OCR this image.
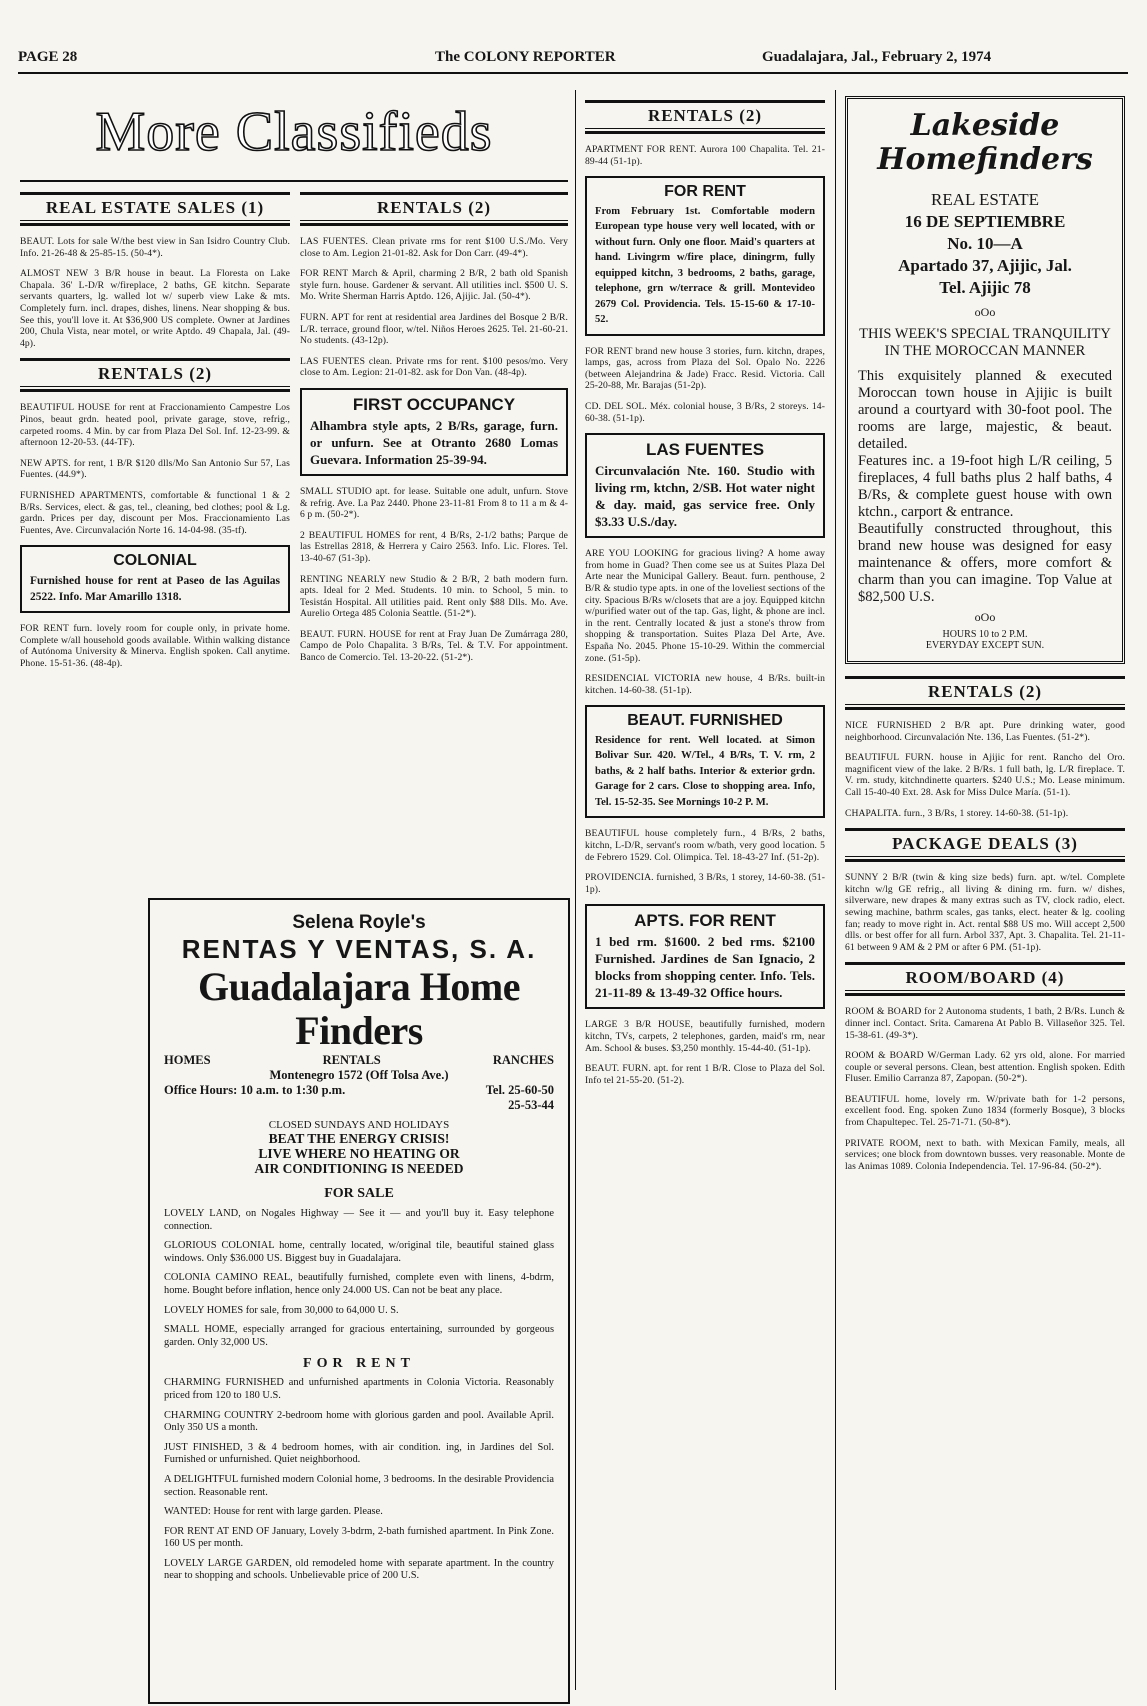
PAGE 28	The COLONY REPORTER	Guadalajara, Jal., February 2, 1974
More Classifieds
REAL ESTATE SALES (1)

BEAUT. Lots for sale W/the best view in San Isidro Country Club. Info. 21-26-48 & 25-85-15. (50-4*).

ALMOST NEW 3 B/R house in beaut. La Floresta on Lake Chapala. 36' L-D/R w/fireplace, 2 baths, GE kitchn. Separate servants quarters, lg. walled lot w/ superb view Lake & mts. Completely furn. incl. drapes, dishes, linens. Near shopping & bus. See this, you'll love it. At $36,900 US complete. Owner at Jardines 200, Chula Vista, near motel, or write Aptdo. 49 Chapala, Jal. (49-4p).

RENTALS (2)

BEAUTIFUL HOUSE for rent at Fraccionamiento Campestre Los Pinos, beaut grdn. heated pool, private garage, stove, refrig., carpeted rooms. 4 Min. by car from Plaza Del Sol. Inf. 12-23-99. & afternoon 12-20-53. (44-TF).

NEW APTS. for rent, 1 B/R $120 dlls/Mo San Antonio Sur 57, Las Fuentes. (44.9*).

FURNISHED APARTMENTS, comfortable & functional 1 & 2 B/Rs. Services, elect. & gas, tel., cleaning, bed clothes; pool & Lg. gardn. Prices per day, discount per Mos. Fraccionamiento Las Fuentes, Ave. Circunvalación Norte 16. 14-04-98. (35-tf).

COLONIAL
Furnished house for rent at Paseo de las Aguilas 2522. Info. Mar Amarillo 1318.

FOR RENT furn. lovely room for couple only, in private home. Complete w/all household goods available. Within walking distance of Autónoma University & Minerva. English spoken. Call anytime. Phone. 15-51-36. (48-4p).

RENTALS (2)

LAS FUENTES. Clean private rms for rent $100 U.S./Mo. Very close to Am. Legion 21-01-82. Ask for Don Carr. (49-4*).

FOR RENT March & April, charming 2 B/R, 2 bath old Spanish style furn. house. Gardener & servant. All utilities incl. $500 U. S. Mo. Write Sherman Harris Aptdo. 126, Ajijic. Jal. (50-4*).

FURN. APT for rent at residential area Jardines del Bosque 2 B/R. L/R. terrace, ground floor, w/tel. Niños Heroes 2625. Tel. 21-60-21. No students. (43-12p).

LAS FUENTES clean. Private rms for rent. $100 pesos/mo. Very close to Am. Legion: 21-01-82. ask for Don Van. (48-4p).

FIRST OCCUPANCY
Alhambra style apts, 2 B/Rs, garage, furn. or unfurn. See at Otranto 2680 Lomas Guevara. Information 25-39-94.

SMALL STUDIO apt. for lease. Suitable one adult, unfurn. Stove & refrig. Ave. La Paz 2440. Phone 23-11-81 From 8 to 11 a m & 4-6 p m. (50-2*).

2 BEAUTIFUL HOMES for rent, 4 B/Rs, 2-1/2 baths; Parque de las Estrellas 2818, & Herrera y Cairo 2563. Info. Lic. Flores. Tel. 13-40-67 (51-3p).

RENTING NEARLY new Studio & 2 B/R, 2 bath modern furn. apts. Ideal for 2 Med. Students. 10 min. to School, 5 min. to Tesistán Hospital. All utilities paid. Rent only $88 Dlls. Mo. Ave. Aurelio Ortega 485 Colonia Seattle. (51-2*).

BEAUT. FURN. HOUSE for rent at Fray Juan De Zumárraga 280, Campo de Polo Chapalita. 3 B/Rs, Tel. & T.V. For appointment. Banco de Comercio. Tel. 13-20-22. (51-2*).

Selena Royle's
RENTAS Y VENTAS, S. A.
Guadalajara Home Finders
HOMES	RENTALS	RANCHES
Montenegro 1572 (Off Tolsa Ave.)
Office Hours: 10 a.m. to 1:30 p.m.	Tel. 25-60-50
25-53-44
CLOSED SUNDAYS AND HOLIDAYS
BEAT THE ENERGY CRISIS!
LIVE WHERE NO HEATING OR
AIR CONDITIONING IS NEEDED
FOR SALE

LOVELY LAND, on Nogales Highway — See it — and you'll buy it. Easy telephone connection.

GLORIOUS COLONIAL home, centrally located, w/original tile, beautiful stained glass windows. Only $36.000 US. Biggest buy in Guadalajara.

COLONIA CAMINO REAL, beautifully furnished, complete even with linens, 4-bdrm, home. Bought before inflation, hence only 24.000 US. Can not be beat any place.

LOVELY HOMES for sale, from 30,000 to 64,000 U. S.

SMALL HOME, especially arranged for gracious entertaining, surrounded by gorgeous garden. Only 32,000 US.

FOR RENT

CHARMING FURNISHED and unfurnished apartments in Colonia Victoria. Reasonably priced from 120 to 180 U.S.

CHARMING COUNTRY 2-bedroom home with glorious garden and pool. Available April. Only 350 US a month.

JUST FINISHED, 3 & 4 bedroom homes, with air condition. ing, in Jardines del Sol. Furnished or unfurnished. Quiet neighborhood.

A DELIGHTFUL furnished modern Colonial home, 3 bedrooms. In the desirable Providencia section. Reasonable rent.

WANTED: House for rent with large garden. Please.

FOR RENT AT END OF January, Lovely 3-bdrm, 2-bath furnished apartment. In Pink Zone. 160 US per month.

LOVELY LARGE GARDEN, old remodeled home with separate apartment. In the country near to shopping and schools. Unbelievable price of 200 U.S.

RENTALS (2)

APARTMENT FOR RENT. Aurora 100 Chapalita. Tel. 21-89-44 (51-1p).

FOR RENT
From February 1st. Comfortable modern European type house very well located, with or without furn. Only one floor. Maid's quarters at hand. Livingrm w/fire place, diningrm, fully equipped kitchn, 3 bedrooms, 2 baths, garage, telephone, grn w/terrace & grill. Montevideo 2679 Col. Providencia. Tels. 15-15-60 & 17-10-52.

FOR RENT brand new house 3 stories, furn. kitchn, drapes, lamps, gas, across from Plaza del Sol. Opalo No. 2226 (between Alejandrina & Jade) Fracc. Resid. Victoria. Call 25-20-88, Mr. Barajas (51-2p).

CD. DEL SOL. Méx. colonial house, 3 B/Rs, 2 storeys. 14-60-38. (51-1p).

LAS FUENTES
Circunvalación Nte. 160. Studio with living rm, ktchn, 2/SB. Hot water night & day. maid, gas service free. Only $3.33 U.S./day.

ARE YOU LOOKING for gracious living? A home away from home in Guad? Then come see us at Suites Plaza Del Arte near the Municipal Gallery. Beaut. furn. penthouse, 2 B/R & studio type apts. in one of the loveliest sections of the city. Spacious B/Rs w/closets that are a joy. Equipped kitchn w/purified water out of the tap. Gas, light, & phone are incl. in the rent. Centrally located & just a stone's throw from shopping & transportation. Suites Plaza Del Arte, Ave. España No. 2045. Phone 15-10-29. Within the commercial zone. (51-5p).

RESIDENCIAL VICTORIA new house, 4 B/Rs. built-in kitchen. 14-60-38. (51-1p).

BEAUT. FURNISHED
Residence for rent. Well located. at Simon Bolivar Sur. 420. W/Tel., 4 B/Rs, T. V. rm, 2 baths, & 2 half baths. Interior & exterior grdn. Garage for 2 cars. Close to shopping area. Info, Tel. 15-52-35. See Mornings 10-2 P. M.

BEAUTIFUL house completely furn., 4 B/Rs, 2 baths, kitchn, L-D/R, servant's room w/bath, very good location. 5 de Febrero 1529. Col. Olimpica. Tel. 18-43-27 Inf. (51-2p).

PROVIDENCIA. furnished, 3 B/Rs, 1 storey, 14-60-38. (51-1p).

APTS. FOR RENT
1 bed rm. $1600. 2 bed rms. $2100 Furnished. Jardines de San Ignacio, 2 blocks from shopping center. Info. Tels. 21-11-89 & 13-49-32 Office hours.

LARGE 3 B/R HOUSE, beautifully furnished, modern kitchn, TVs, carpets, 2 telephones, garden, maid's rm, near Am. School & buses. $3,250 monthly. 15-44-40. (51-1p).

BEAUT. FURN. apt. for rent 1 B/R. Close to Plaza del Sol. Info tel 21-55-20. (51-2).

Lakeside
Homefinders
REAL ESTATE
16 DE SEPTIEMBRE
No. 10—A
Apartado 37, Ajijic, Jal.
Tel. Ajijic 78
oOo
THIS WEEK'S SPECIAL TRANQUILITY IN THE MOROCCAN MANNER
This exquisitely planned & executed Moroccan town house in Ajijic is built around a courtyard with 30-foot pool. The rooms are large, majestic, & beaut. detailed.
Features inc. a 19-foot high L/R ceiling, 5 fireplaces, 4 full baths plus 2 half baths, 4 B/Rs, & complete guest house with own ktchn., carport & entrance.
Beautifully constructed throughout, this brand new house was designed for easy maintenance & offers, more comfort & charm than you can imagine. Top Value at $82,500 U.S.
oOo
HOURS 10 to 2 P.M.
EVERYDAY EXCEPT SUN.
RENTALS (2)

NICE FURNISHED 2 B/R apt. Pure drinking water, good neighborhood. Circunvalación Nte. 136, Las Fuentes. (51-2*).

BEAUTIFUL FURN. house in Ajijic for rent. Rancho del Oro. magnificent view of the lake. 2 B/Rs. 1 full bath, lg. L/R fireplace. T. V. rm. study, kitchndinette quarters. $240 U.S.; Mo. Lease minimum. Call 15-40-40 Ext. 28. Ask for Miss Dulce María. (51-1).

CHAPALITA. furn., 3 B/Rs, 1 storey. 14-60-38. (51-1p).

PACKAGE DEALS (3)

SUNNY 2 B/R (twin & king size beds) furn. apt. w/tel. Complete kitchn w/lg GE refrig., all living & dining rm. furn. w/ dishes, silverware, new drapes & many extras such as TV, clock radio, elect. sewing machine, bathrm scales, gas tanks, elect. heater & lg. cooling fan; ready to move right in. Act. rental $88 US mo. Will accept 2,500 dlls. or best offer for all furn. Arbol 337, Apt. 3. Chapalita. Tel. 21-11-61 between 9 AM & 2 PM or after 6 PM. (51-1p).

ROOM/BOARD (4)

ROOM & BOARD for 2 Autonoma students, 1 bath, 2 B/Rs. Lunch & dinner incl. Contact. Srita. Camarena At Pablo B. Villaseñor 325. Tel. 15-38-61. (49-3*).

ROOM & BOARD W/German Lady. 62 yrs old, alone. For married couple or several persons. Clean, best attention. English spoken. Edith Fluser. Emilio Carranza 87, Zapopan. (50-2*).

BEAUTIFUL home, lovely rm. W/private bath for 1-2 persons, excellent food. Eng. spoken Zuno 1834 (formerly Bosque), 3 blocks from Chapultepec. Tel. 25-71-71. (50-8*).

PRIVATE ROOM, next to bath. with Mexican Family, meals, all services; one block from downtown busses. very reasonable. Monte de las Animas 1089. Colonia Independencia. Tel. 17-96-84. (50-2*).
